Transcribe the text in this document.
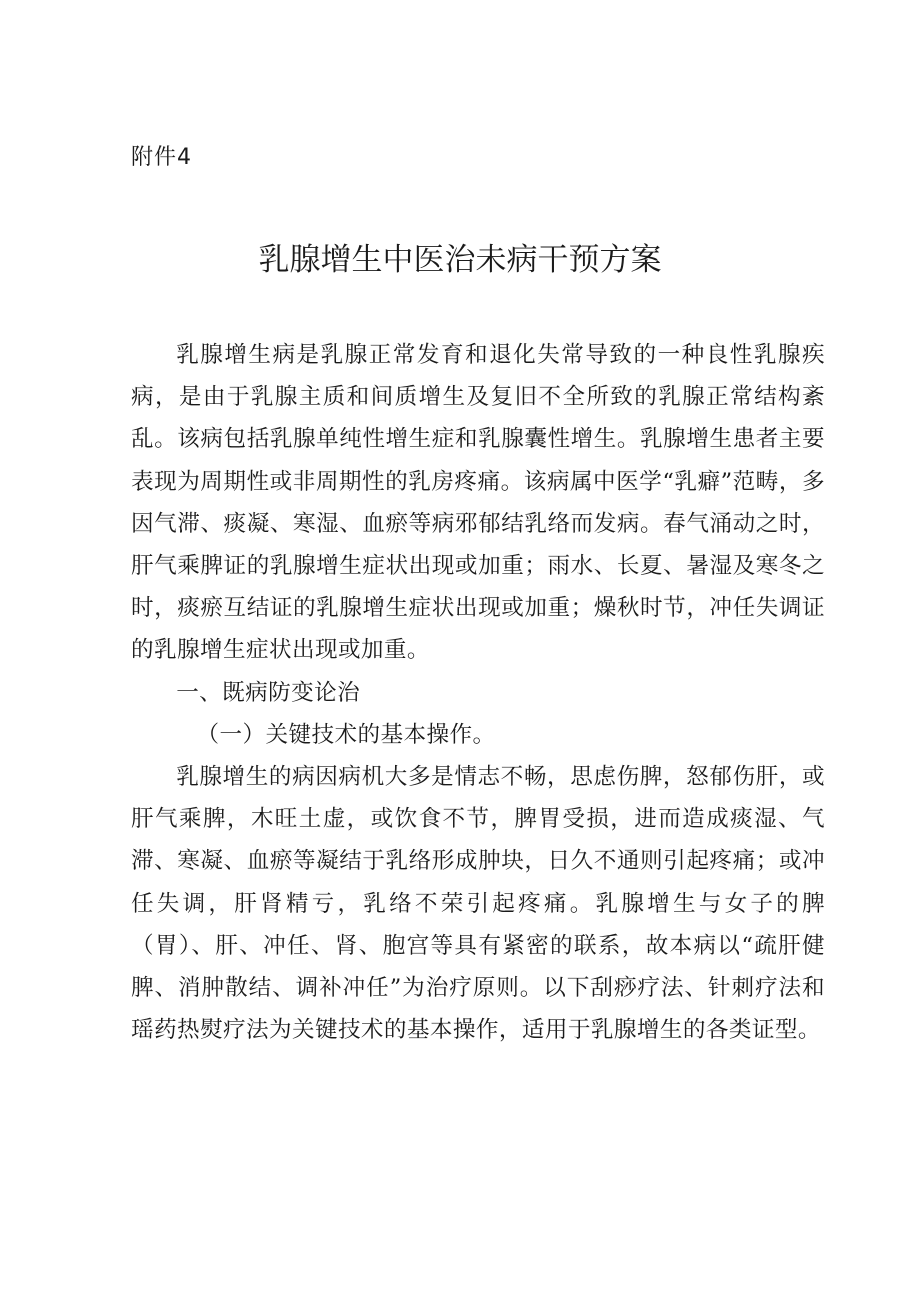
附件4
乳腺增生中医治未病干预方案

乳腺增生病是乳腺正常发育和退化失常导致的一种良性乳腺疾病，是由于乳腺主质和间质增生及复旧不全所致的乳腺正常结构紊乱。该病包括乳腺单纯性增生症和乳腺囊性增生。乳腺增生患者主要表现为周期性或非周期性的乳房疼痛。该病属中医学“乳癖”范畴，多因气滞、痰凝、寒湿、血瘀等病邪郁结乳络而发病。春气涌动之时，肝气乘脾证的乳腺增生症状出现或加重；雨水、长夏、暑湿及寒冬之时，痰瘀互结证的乳腺增生症状出现或加重；燥秋时节，冲任失调证的乳腺增生症状出现或加重。

一、既病防变论治

（一）关键技术的基本操作。

乳腺增生的病因病机大多是情志不畅，思虑伤脾，怒郁伤肝，或肝气乘脾，木旺土虚，或饮食不节，脾胃受损，进而造成痰湿、气滞、寒凝、血瘀等凝结于乳络形成肿块，日久不通则引起疼痛；或冲任失调，肝肾精亏，乳络不荣引起疼痛。乳腺增生与女子的脾（胃）、肝、冲任、肾、胞宫等具有紧密的联系，故本病以“疏肝健脾、消肿散结、调补冲任”为治疗原则。以下刮痧疗法、针刺疗法和瑶药热熨疗法为关键技术的基本操作，适用于乳腺增生的各类证型。
